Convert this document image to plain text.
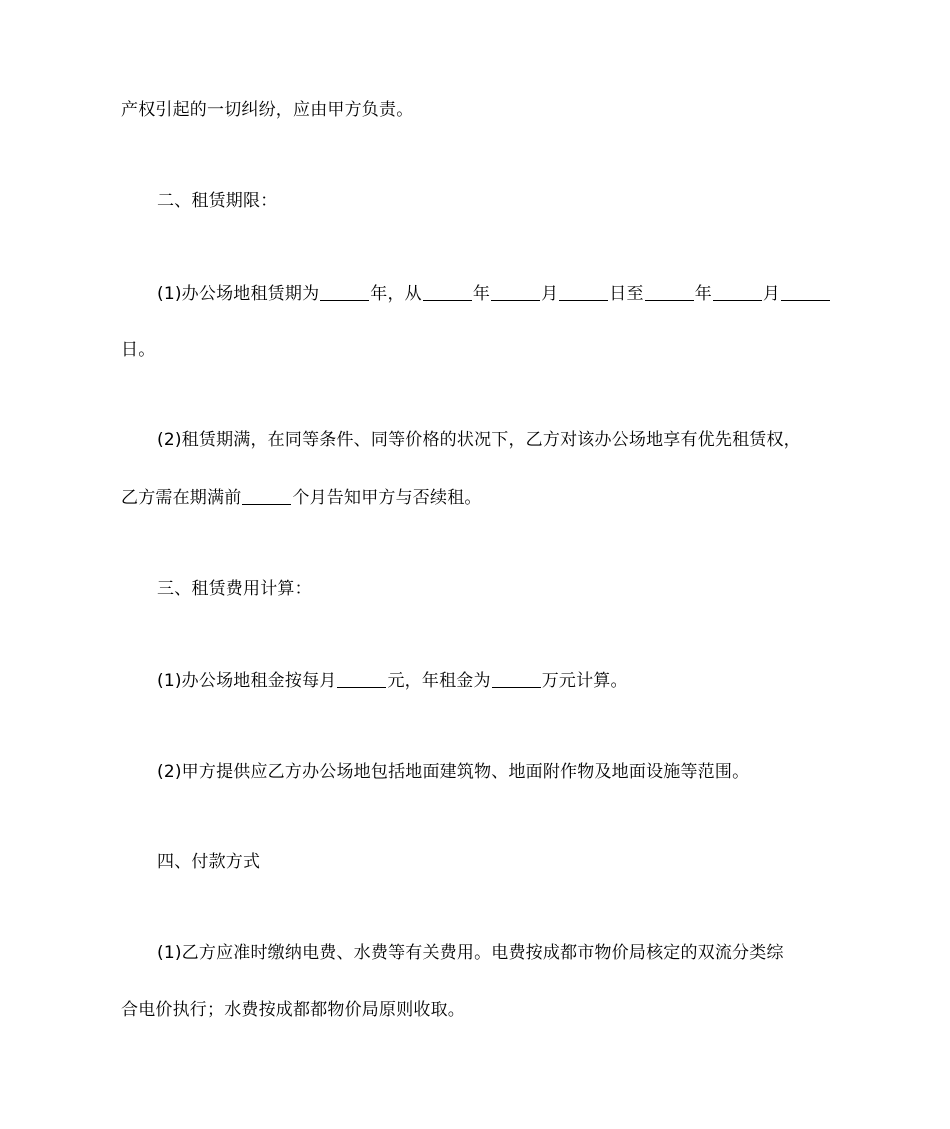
产权引起的一切纠纷，应由甲方负责。
二、租赁期限：
(1)办公场地租赁期为	年，从	年	月	日至	年	月
日。
(2)租赁期满，在同等条件、同等价格的状况下，乙方对该办公场地享有优先租赁权，
乙方需在期满前	个月告知甲方与否续租。
三、租赁费用计算：
(1)办公场地租金按每月	元，年租金为	万元计算。
(2)甲方提供应乙方办公场地包括地面建筑物、地面附作物及地面设施等范围。
四、付款方式
(1)乙方应准时缴纳电费、水费等有关费用。电费按成都市物价局核定的双流分类综
合电价执行；水费按成都都物价局原则收取。
